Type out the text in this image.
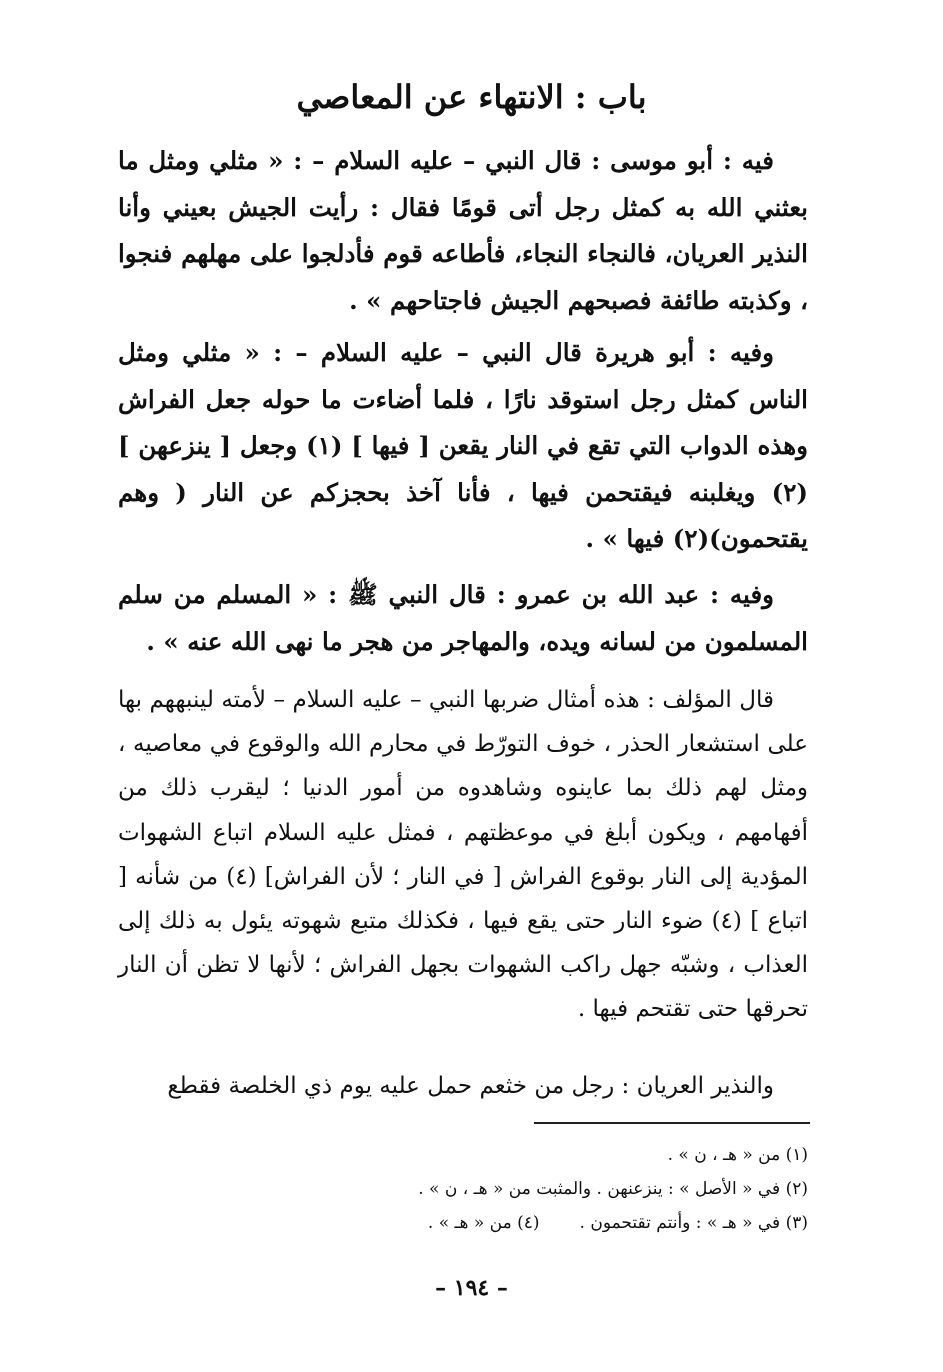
باب : الانتهاء عن المعاصي

فيه : أبو موسى : قال النبي – عليه السلام – : « مثلي ومثل ما بعثني الله به كمثل رجل أتى قومًا فقال : رأيت الجيش بعيني وأنا النذير العريان، فالنجاء النجاء، فأطاعه قوم فأدلجوا على مهلهم فنجوا ، وكذبته طائفة فصبحهم الجيش فاجتاحهم » .

وفيه : أبو هريرة قال النبي – عليه السلام – : « مثلي ومثل الناس كمثل رجل استوقد نارًا ، فلما أضاءت ما حوله جعل الفراش وهذه الدواب التي تقع في النار يقعن [ فيها ] (١) وجعل [ ينزعهن ] (٢) ويغلبنه فيقتحمن فيها ، فأنا آخذ بحجزكم عن النار ( وهم يقتحمون)(٢) فيها » .

وفيه : عبد الله بن عمرو : قال النبي ﷺ : « المسلم من سلم المسلمون من لسانه ويده، والمهاجر من هجر ما نهى الله عنه » .

قال المؤلف : هذه أمثال ضربها النبي – عليه السلام – لأمته لينبههم بها على استشعار الحذر ، خوف التورّط في محارم الله والوقوع في معاصيه ، ومثل لهم ذلك بما عاينوه وشاهدوه من أمور الدنيا ؛ ليقرب ذلك من أفهامهم ، ويكون أبلغ في موعظتهم ، فمثل عليه السلام اتباع الشهوات المؤدية إلى النار بوقوع الفراش [ في النار ؛ لأن الفراش] (٤) من شأنه [ اتباع ] (٤) ضوء النار حتى يقع فيها ، فكذلك متبع شهوته يئول به ذلك إلى العذاب ، وشبّه جهل راكب الشهوات بجهل الفراش ؛ لأنها لا تظن أن النار تحرقها حتى تقتحم فيها .

والنذير العريان : رجل من خثعم حمل عليه يوم ذي الخلصة فقطع

(١) من « هـ ، ن » .
(٢) في « الأصل » : ينزعنهن . والمثبت من « هـ ، ن » .
(٣) في « هـ » : وأنتم تقتحمون .(٤) من « هـ » .
– ١٩٤ –
